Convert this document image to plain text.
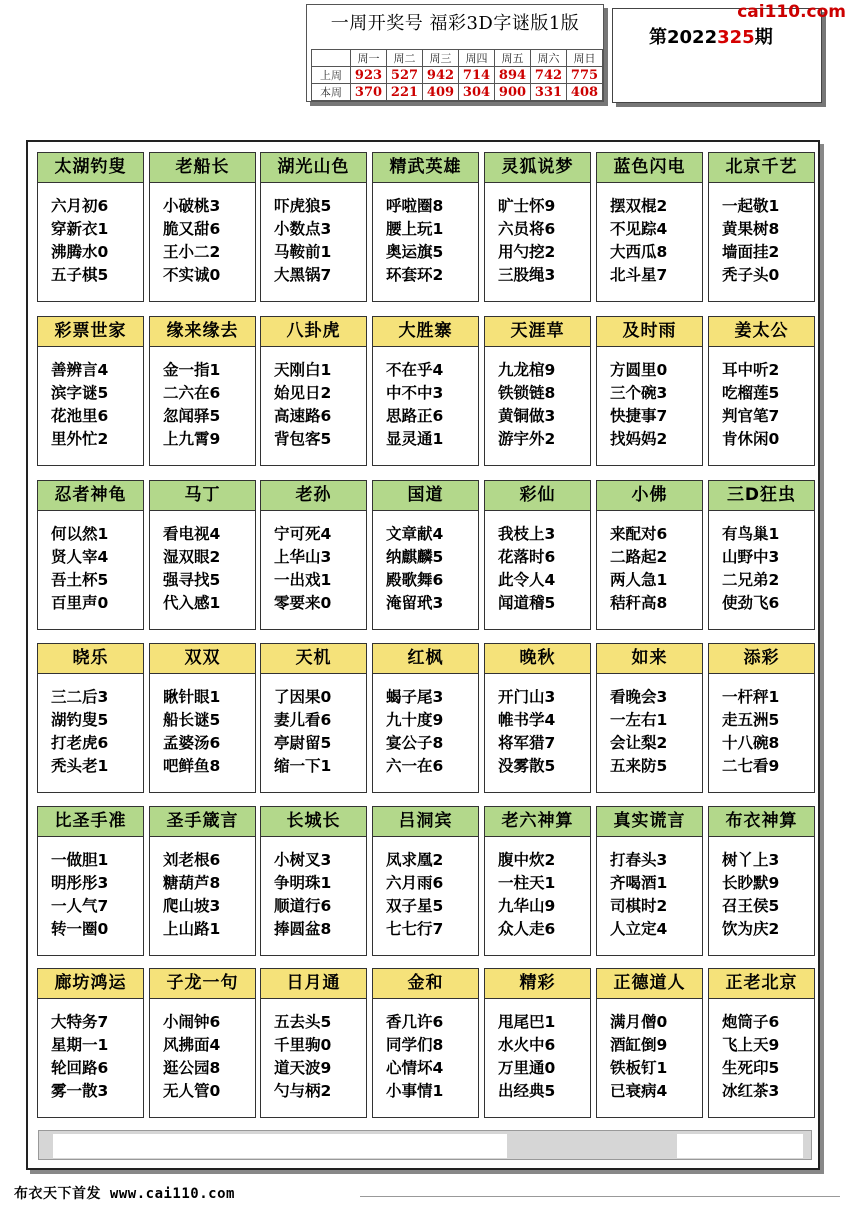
一周开奖号 福彩3D字谜版1版
	周一	周二	周三	周四	周五	周六	周日
上周	923	527	942	714	894	742	775
本周	370	221	409	304	900	331	408
第2022325期
cai110.com
太湖钓叟
六月初6
穿新衣1
沸腾水0
五子棋5
老船长
小破桃3
脆又甜6
王小二2
不实诚0
湖光山色
吓虎狼5
小数点3
马鞍前1
大黑锅7
精武英雄
呼啦圈8
腰上玩1
奥运旗5
环套环2
灵狐说梦
旷士怀9
六员将6
用勺挖2
三股绳3
蓝色闪电
摆双棍2
不见踪4
大西瓜8
北斗星7
北京千艺
一起敬1
黄果树8
墙面挂2
秃子头0
彩票世家
善辨言4
滨字谜5
花池里6
里外忙2
缘来缘去
金一指1
二六在6
忽闻驿5
上九霄9
八卦虎
天刚白1
始见日2
高速路6
背包客5
大胜寨
不在乎4
中不中3
思路正6
显灵通1
天涯草
九龙棺9
铁锁链8
黄铜做3
游宇外2
及时雨
方圆里0
三个碗3
快捷事7
找妈妈2
姜太公
耳中听2
吃榴莲5
判官笔7
肯休闲0
忍者神龟
何以然1
贤人宰4
吾土杯5
百里声0
马丁
看电视4
湿双眼2
强寻找5
代入感1
老孙
宁可死4
上华山3
一出戏1
零要来0
国道
文章献4
纳麒麟5
殿歌舞6
淹留玳3
彩仙
我枝上3
花落时6
此令人4
闻道稽5
小佛
来配对6
二路起2
两人急1
秸秆高8
三D狂虫
有鸟巢1
山野中3
二兄弟2
使劲飞6
晓乐
三二后3
湖钓叟5
打老虎6
秃头老1
双双
瞅针眼1
船长谜5
孟婆汤6
吧鲜鱼8
天机
了因果0
妻儿看6
亭尉留5
缩一下1
红枫
蝎子尾3
九十度9
宴公子8
六一在6
晚秋
开门山3
帷书学4
将军猎7
没雾散5
如来
看晚会3
一左右1
会让梨2
五来防5
添彩
一杆秤1
走五洲5
十八碗8
二七看9
比圣手准
一做胆1
明彤彤3
一人气7
转一圈0
圣手箴言
刘老根6
糖葫芦8
爬山坡3
上山路1
长城长
小树叉3
争明珠1
顺道行6
捧圆盆8
吕洞宾
凤求凰2
六月雨6
双子星5
七七行7
老六神算
腹中炊2
一柱天1
九华山9
众人走6
真实谎言
打春头3
齐喝酒1
司棋时2
人立定4
布衣神算
树丫上3
长眇默9
召王侯5
饮为庆2
廊坊鸿运
大特务7
星期一1
轮回路6
雾一散3
子龙一句
小闹钟6
风拂面4
逛公园8
无人管0
日月通
五去头5
千里驹0
道天波9
勺与柄2
金和
香几许6
同学们8
心情坏4
小事情1
精彩
甩尾巴1
水火中6
万里通0
出经典5
正德道人
满月僧0
酒缸倒9
铁板钉1
已衰病4
正老北京
炮筒子6
飞上天9
生死印5
冰红茶3
布衣天下首发 www.cai110.com
